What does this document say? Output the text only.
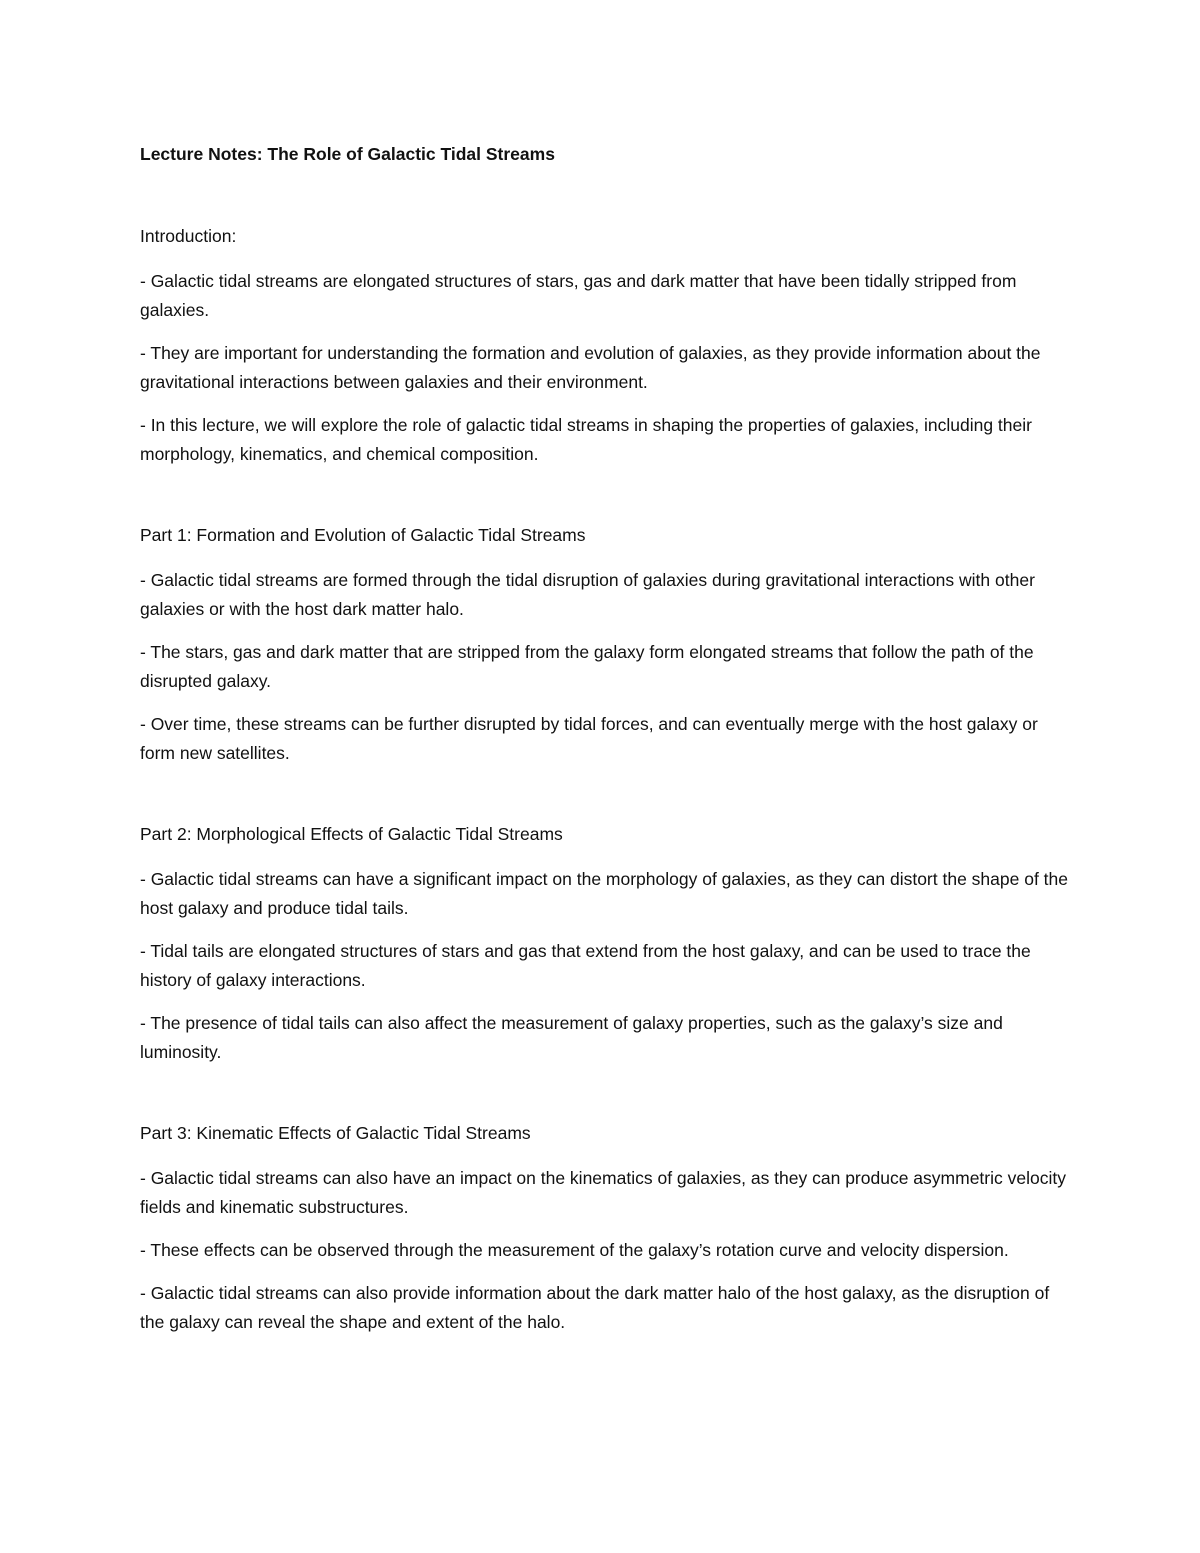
Lecture Notes: The Role of Galactic Tidal Streams
Introduction:
- Galactic tidal streams are elongated structures of stars, gas and dark matter that have been tidally stripped from galaxies.
- They are important for understanding the formation and evolution of galaxies, as they provide information about the gravitational interactions between galaxies and their environment.
- In this lecture, we will explore the role of galactic tidal streams in shaping the properties of galaxies, including their morphology, kinematics, and chemical composition.
Part 1: Formation and Evolution of Galactic Tidal Streams
- Galactic tidal streams are formed through the tidal disruption of galaxies during gravitational interactions with other galaxies or with the host dark matter halo.
- The stars, gas and dark matter that are stripped from the galaxy form elongated streams that follow the path of the disrupted galaxy.
- Over time, these streams can be further disrupted by tidal forces, and can eventually merge with the host galaxy or form new satellites.
Part 2: Morphological Effects of Galactic Tidal Streams
- Galactic tidal streams can have a significant impact on the morphology of galaxies, as they can distort the shape of the host galaxy and produce tidal tails.
- Tidal tails are elongated structures of stars and gas that extend from the host galaxy, and can be used to trace the history of galaxy interactions.
- The presence of tidal tails can also affect the measurement of galaxy properties, such as the galaxy’s size and luminosity.
Part 3: Kinematic Effects of Galactic Tidal Streams
- Galactic tidal streams can also have an impact on the kinematics of galaxies, as they can produce asymmetric velocity fields and kinematic substructures.
- These effects can be observed through the measurement of the galaxy’s rotation curve and velocity dispersion.
- Galactic tidal streams can also provide information about the dark matter halo of the host galaxy, as the disruption of the galaxy can reveal the shape and extent of the halo.
